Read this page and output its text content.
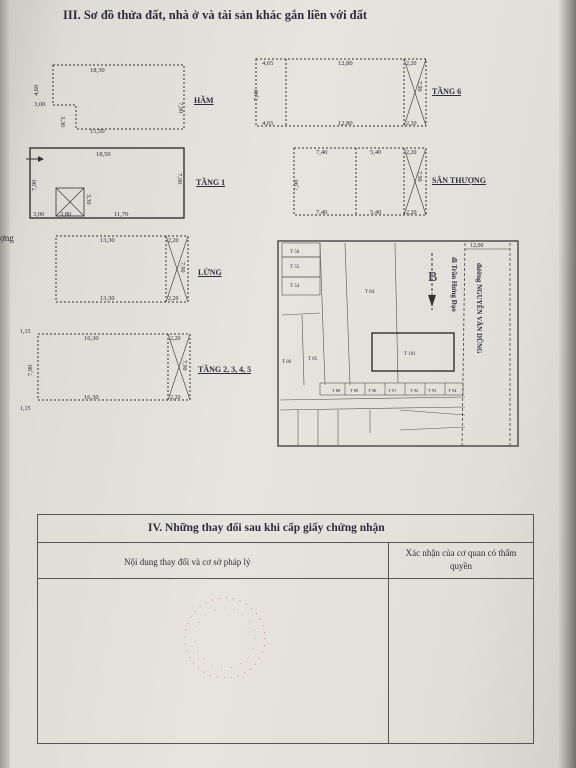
III. Sơ đồ thửa đất, nhà ở và tài sản khác gắn liền với đất
ợng
18,30
4,60
3,00	7,90
3,30
15,50
HẦM
18,50
7,90
7,90
3,30
3,00 3,80	11,70
TẦNG 1
13,30	2,20
7,90
13,30	2,20
LỬNG
1,15
16,30	2,20
7,90	7,90
16,30	2,20
1,15
TẦNG 2, 3, 4, 5
4,65	12,80	2,20
7,90
7,90
4,65	12,80	2,20
TẦNG 6
7,40	5,40	2,20
7,90
7,90
7,40	5,40	2,20
SÂN THƯỢNG
T 56
T 55
T 54
T 84
T 86
T 85
T 101
T 88 T 89 T 90	T 91	T 92 T 93	T 94
12,00
B	đường NGUYỄN VĂN DŨNG
đi Trần Hưng Đạo
IV. Những thay đổi sau khi cấp giấy chứng nhận
Nội dung thay đổi và cơ sở pháp lý
Xác nhận của cơ quan có thẩm quyền
· · ·
